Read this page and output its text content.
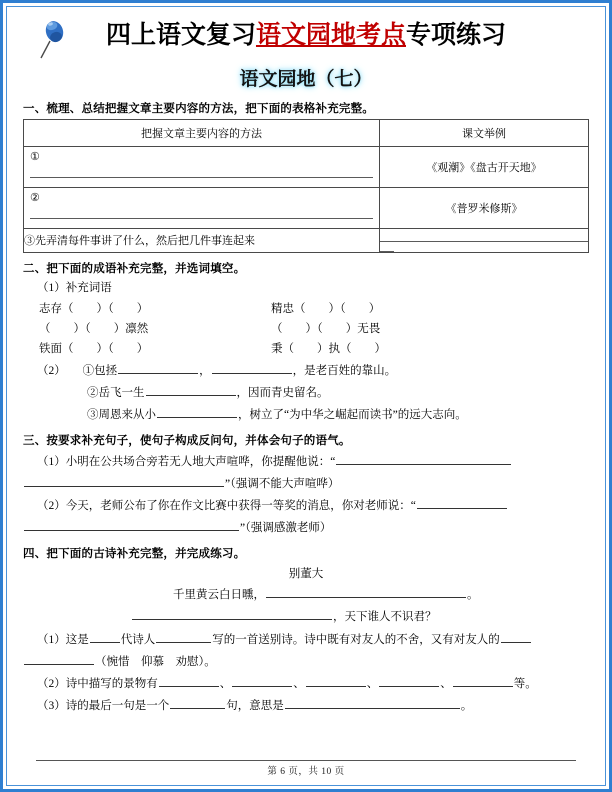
四上语文复习语文园地考点专项练习
语文园地（七）
一、梳理、总结把握文章主要内容的方法，把下面的表格补充完整。
把握文章主要内容的方法	课文举例

①	《观潮》《盘古开天地》

②	《普罗米修斯》
③先弄清每件事讲了什么，然后把几件事连起来	
二、把下面的成语补充完整，并选词填空。
（1）补充词语
志存（　　）（　　）	精忠（　　）（　　）
（　　）（　　）凛然	（　　）（　　）无畏
铁面（　　）（　　）	秉（　　）执（　　）
（2） ①包拯	，	，是老百姓的靠山。
②岳飞一生	，因而青史留名。
③周恩来从小	，树立了“为中华之崛起而读书”的远大志向。
三、按要求补充句子，使句子构成反问句，并体会句子的语气。
（1）小明在公共场合旁若无人地大声喧哗，你提醒他说：“
”（强调不能大声喧哗）
（2）今天，老师公布了你在作文比赛中获得一等奖的消息，你对老师说：“
”（强调感激老师）
四、把下面的古诗补充完整，并完成练习。
别董大
千里黄云白日曛，	。
，天下谁人不识君？
（1）这是	代诗人	写的一首送别诗。诗中既有对友人的不舍，又有对友人的
（惋惜　仰慕　劝慰）。
（2）诗中描写的景物有	、	、	、	、	等。
（3）诗的最后一句是一个	句，意思是	。
第 6 页，共 10 页
